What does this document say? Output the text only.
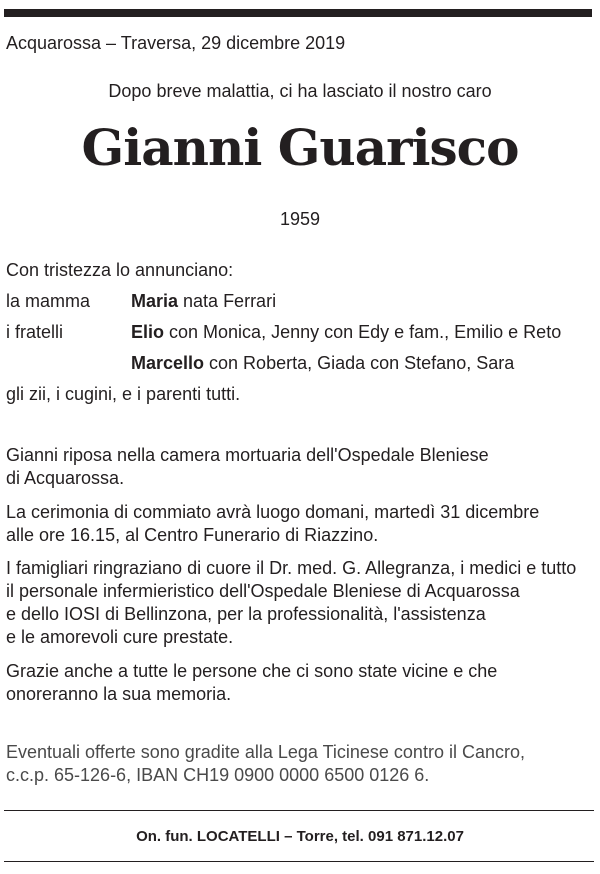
Acquarossa – Traversa, 29 dicembre 2019
Dopo breve malattia, ci ha lasciato il nostro caro
Gianni Guarisco
1959
Con tristezza lo annunciano:
la mamma Maria nata Ferrari
i fratelli	Elio con Monica, Jenny con Edy e fam., Emilio e Reto
Marcello con Roberta, Giada con Stefano, Sara
gli zii, i cugini, e i parenti tutti.
Gianni riposa nella camera mortuaria dell'Ospedale Bleniese
di Acquarossa.
La cerimonia di commiato avrà luogo domani, martedì 31 dicembre
alle ore 16.15, al Centro Funerario di Riazzino.
I famigliari ringraziano di cuore il Dr. med. G. Allegranza, i medici e tutto
il personale infermieristico dell'Ospedale Bleniese di Acquarossa
e dello IOSI di Bellinzona, per la professionalità, l'assistenza
e le amorevoli cure prestate.
Grazie anche a tutte le persone che ci sono state vicine e che
onoreranno la sua memoria.
Eventuali offerte sono gradite alla Lega Ticinese contro il Cancro,
c.c.p. 65-126-6, IBAN CH19 0900 0000 6500 0126 6.
On. fun. LOCATELLI – Torre, tel. 091 871.12.07
